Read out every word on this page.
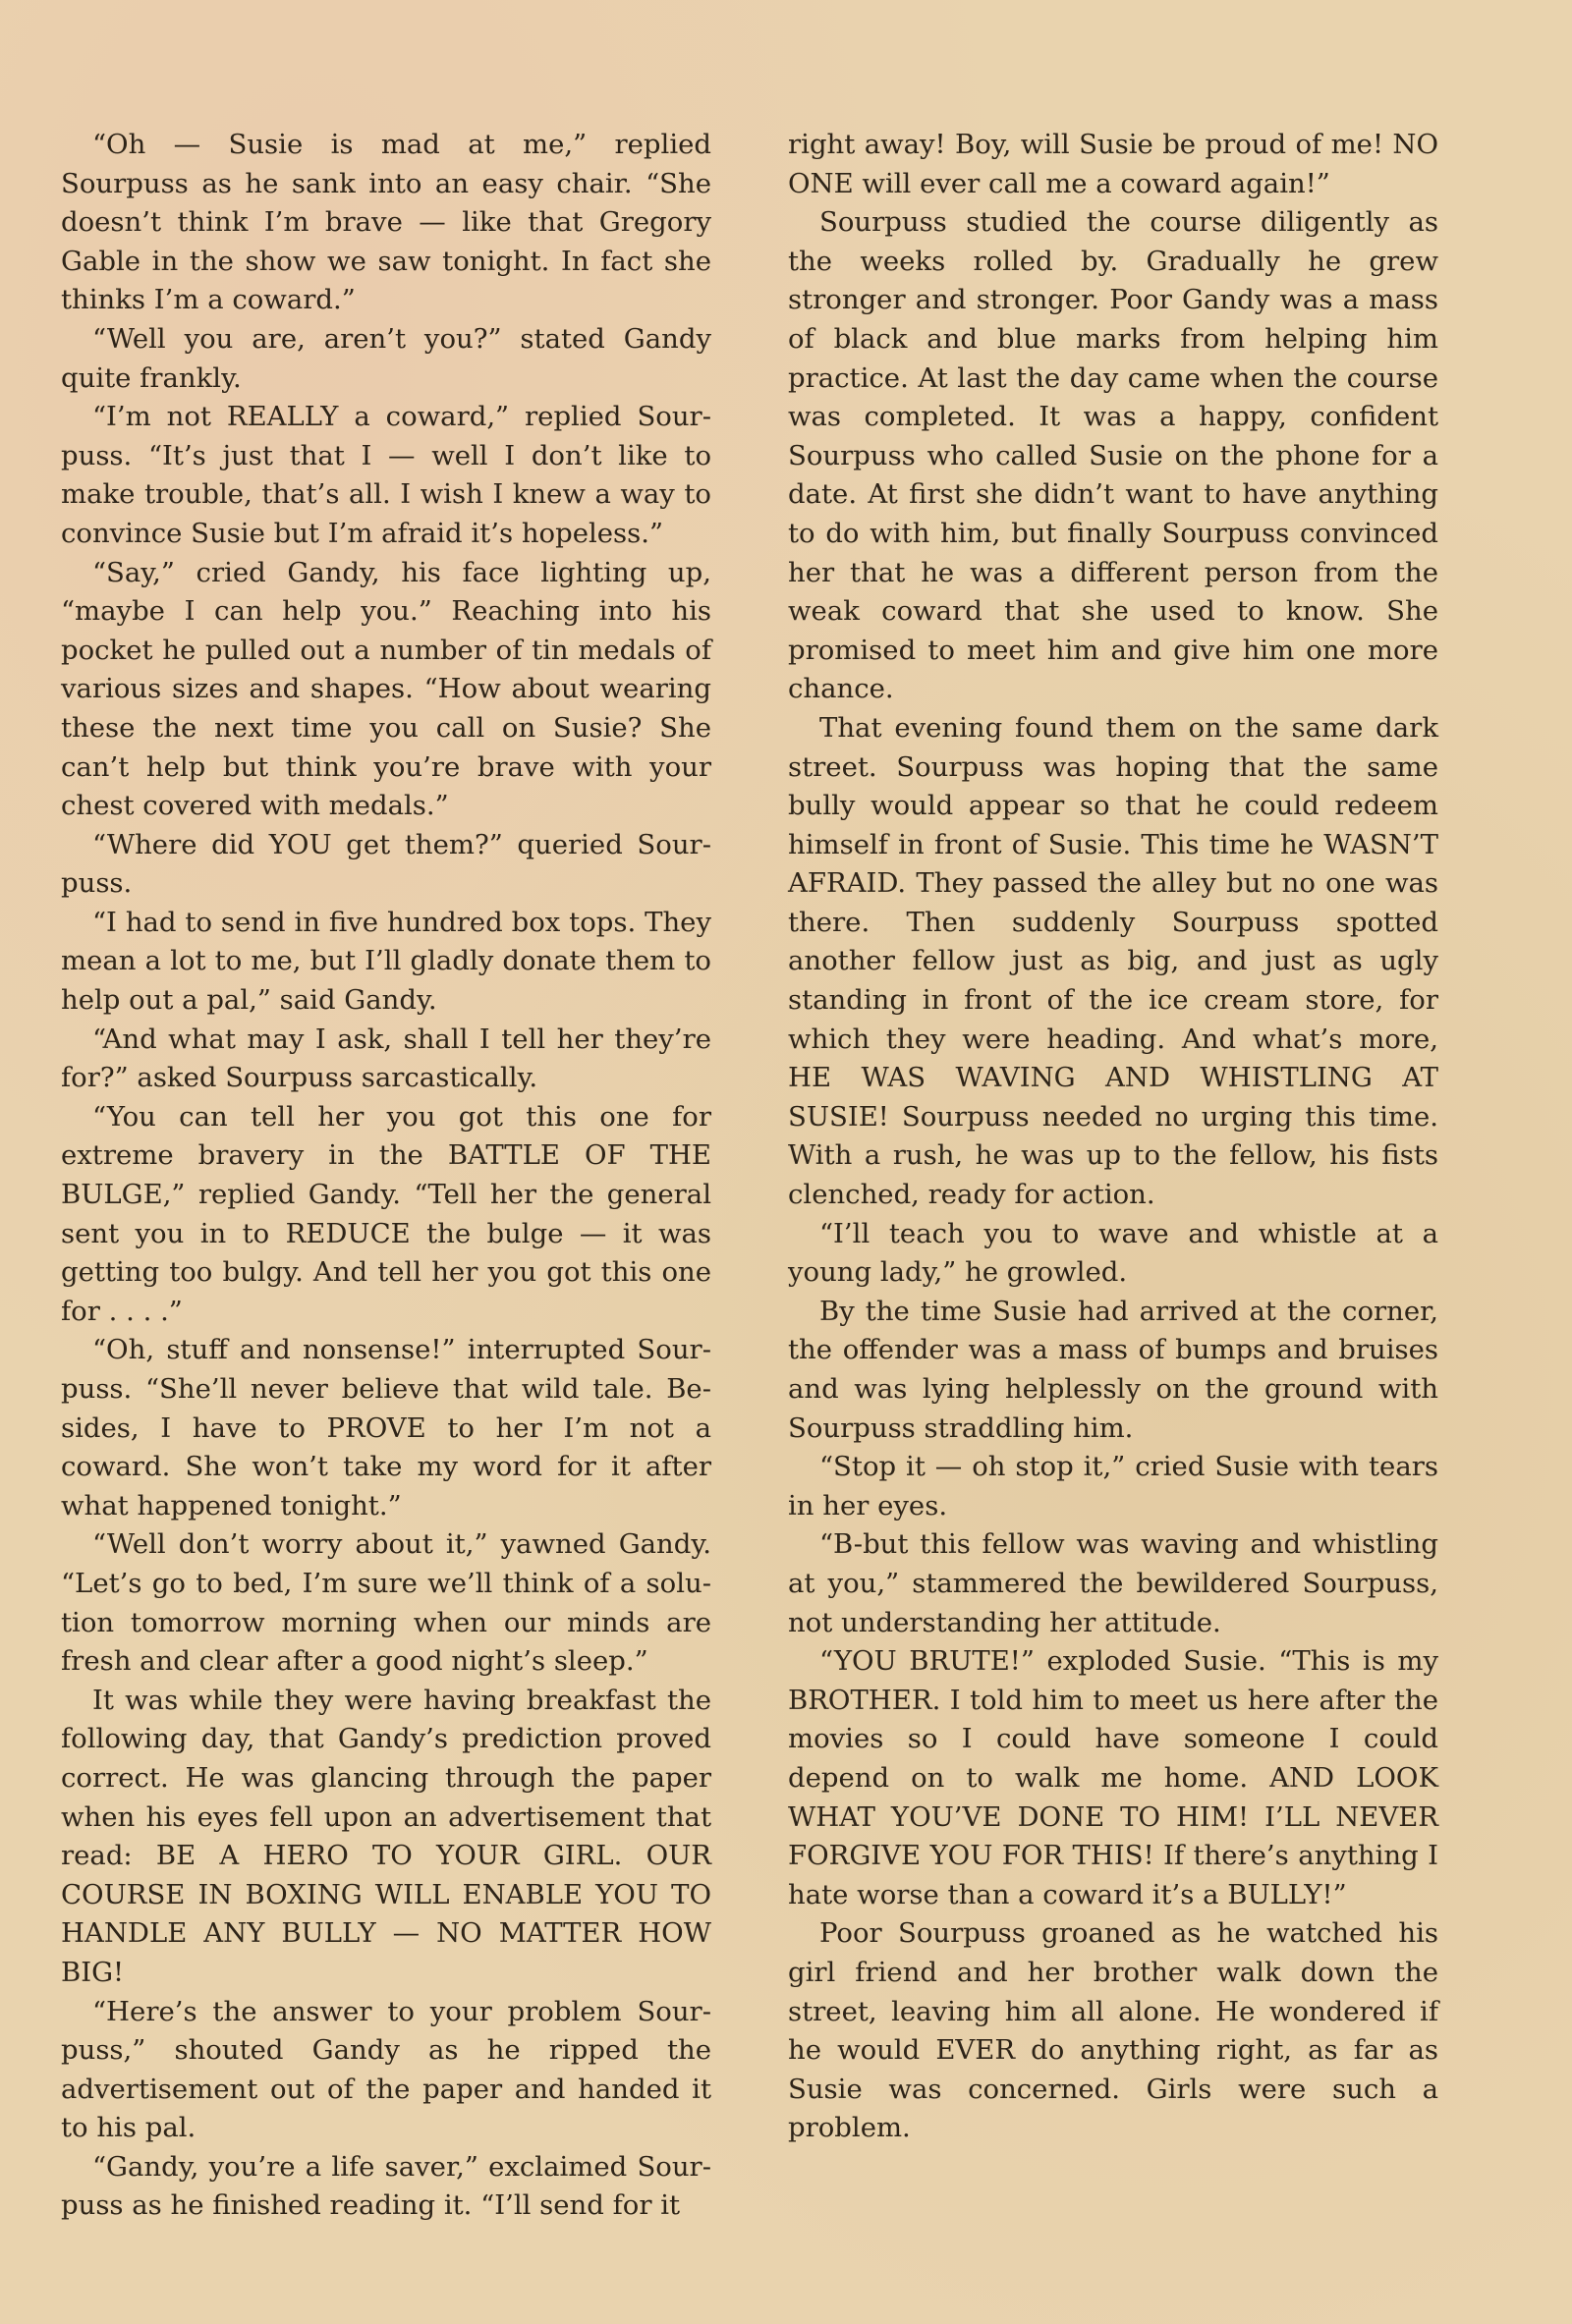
“Oh — Susie is mad at me,” replied Sourpuss as he sank into an easy chair. “She doesn’t think I’m brave — like that Gregory Gable in the show we saw tonight. In fact she thinks I’m a coward.”

“Well you are, aren’t you?” stated Gandy quite frankly.

“I’m not REALLY a coward,” replied Sourpuss. “It’s just that I — well I don’t like to make trouble, that’s all. I wish I knew a way to convince Susie but I’m afraid it’s hopeless.”

“Say,” cried Gandy, his face lighting up, “maybe I can help you.” Reaching into his pocket he pulled out a number of tin medals of various sizes and shapes. “How about wearing these the next time you call on Susie? She can’t help but think you’re brave with your chest covered with medals.”

“Where did YOU get them?” queried Sourpuss.

“I had to send in five hundred box tops. They mean a lot to me, but I’ll gladly donate them to help out a pal,” said Gandy.

“And what may I ask, shall I tell her they’re for?” asked Sourpuss sarcastically.

“You can tell her you got this one for extreme bravery in the BATTLE OF THE BULGE,” replied Gandy. “Tell her the general sent you in to REDUCE the bulge — it was getting too bulgy. And tell her you got this one for . . . .”

“Oh, stuff and nonsense!” interrupted Sourpuss. “She’ll never believe that wild tale. Besides, I have to PROVE to her I’m not a coward. She won’t take my word for it after what happened tonight.”

“Well don’t worry about it,” yawned Gandy. “Let’s go to bed, I’m sure we’ll think of a solution tomorrow morning when our minds are fresh and clear after a good night’s sleep.”

It was while they were having breakfast the following day, that Gandy’s prediction proved correct. He was glancing through the paper when his eyes fell upon an advertisement that read: BE A HERO TO YOUR GIRL. OUR COURSE IN BOXING WILL ENABLE YOU TO HANDLE ANY BULLY — NO MATTER HOW BIG!

“Here’s the answer to your problem Sourpuss,” shouted Gandy as he ripped the advertisement out of the paper and handed it to his pal.

“Gandy, you’re a life saver,” exclaimed Sourpuss as he finished reading it. “I’ll send for it

right away! Boy, will Susie be proud of me! NO ONE will ever call me a coward again!”

Sourpuss studied the course diligently as the weeks rolled by. Gradually he grew stronger and stronger. Poor Gandy was a mass of black and blue marks from helping him practice. At last the day came when the course was completed. It was a happy, confident Sourpuss who called Susie on the phone for a date. At first she didn’t want to have anything to do with him, but finally Sourpuss convinced her that he was a different person from the weak coward that she used to know. She promised to meet him and give him one more chance.

That evening found them on the same dark street. Sourpuss was hoping that the same bully would appear so that he could redeem himself in front of Susie. This time he WASN’T AFRAID. They passed the alley but no one was there. Then suddenly Sourpuss spotted another fellow just as big, and just as ugly standing in front of the ice cream store, for which they were heading. And what’s more, HE WAS WAVING AND WHISTLING AT SUSIE! Sourpuss needed no urging this time. With a rush, he was up to the fellow, his fists clenched, ready for action.

“I’ll teach you to wave and whistle at a young lady,” he growled.

By the time Susie had arrived at the corner, the offender was a mass of bumps and bruises and was lying helplessly on the ground with Sourpuss straddling him.

“Stop it — oh stop it,” cried Susie with tears in her eyes.

“B-but this fellow was waving and whistling at you,” stammered the bewildered Sourpuss, not understanding her attitude.

“YOU BRUTE!” exploded Susie. “This is my BROTHER. I told him to meet us here after the movies so I could have someone I could depend on to walk me home. AND LOOK WHAT YOU’VE DONE TO HIM! I’LL NEVER FORGIVE YOU FOR THIS! If there’s anything I hate worse than a coward it’s a BULLY!”

Poor Sourpuss groaned as he watched his girl friend and her brother walk down the street, leaving him all alone. He wondered if he would EVER do anything right, as far as Susie was concerned. Girls were such a problem.
